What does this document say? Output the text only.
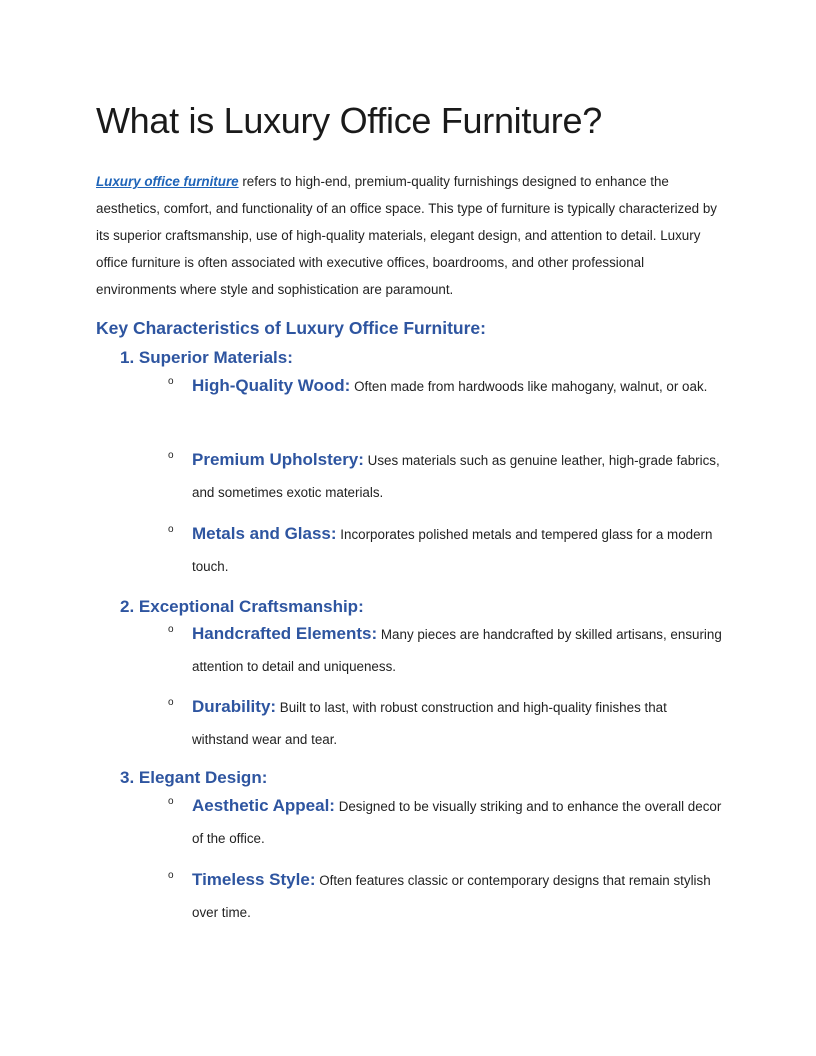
What is Luxury Office Furniture?

Luxury office furniture refers to high-end, premium-quality furnishings designed to enhance the aesthetics, comfort, and functionality of an office space. This type of furniture is typically characterized by its superior craftsmanship, use of high-quality materials, elegant design, and attention to detail. Luxury office furniture is often associated with executive offices, boardrooms, and other professional environments where style and sophistication are paramount.

Key Characteristics of Luxury Office Furniture:
1. Superior Materials:
o High-Quality Wood: Often made from hardwoods like mahogany, walnut, or oak.

o Premium Upholstery: Uses materials such as genuine leather, high-grade fabrics, and sometimes exotic materials.

o Metals and Glass: Incorporates polished metals and tempered glass for a modern touch.

2. Exceptional Craftsmanship:
o Handcrafted Elements: Many pieces are handcrafted by skilled artisans, ensuring attention to detail and uniqueness.

o Durability: Built to last, with robust construction and high-quality finishes that withstand wear and tear.

3. Elegant Design:
o Aesthetic Appeal: Designed to be visually striking and to enhance the overall decor of the office.

o Timeless Style: Often features classic or contemporary designs that remain stylish over time.
